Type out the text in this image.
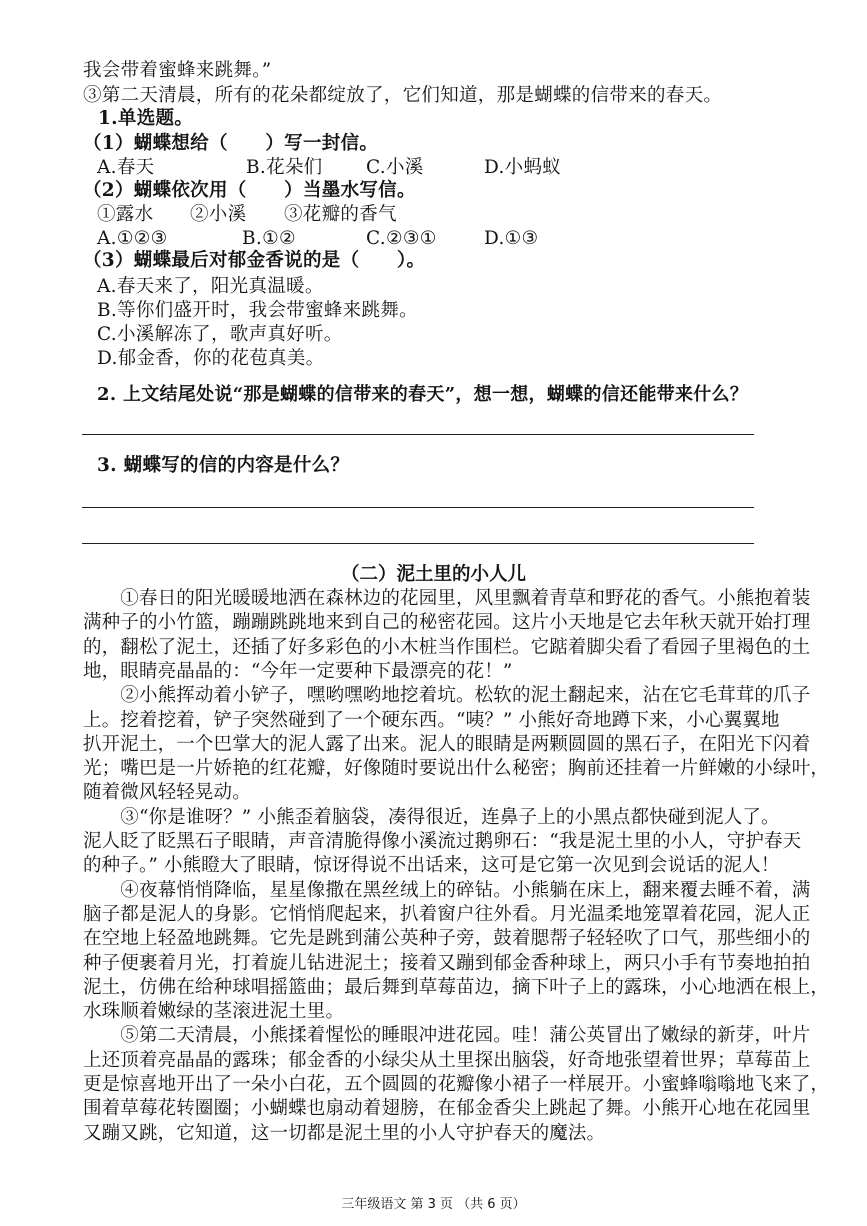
我会带着蜜蜂来跳舞。”
③第二天清晨，所有的花朵都绽放了，它们知道，那是蝴蝶的信带来的春天。
1.单选题。
（1）蝴蝶想给（　　）写一封信。
A.春天	B.花朵们	C.小溪	D.小蚂蚁
（2）蝴蝶依次用（　　）当墨水写信。
①露水	②小溪	③花瓣的香气
A.①②③	B.①②	C.②③①	D.①③
（3）蝴蝶最后对郁金香说的是（　　）。
A.春天来了，阳光真温暖。
B.等你们盛开时，我会带蜜蜂来跳舞。
C.小溪解冻了，歌声真好听。
D.郁金香，你的花苞真美。
2. 上文结尾处说“那是蝴蝶的信带来的春天”，想一想，蝴蝶的信还能带来什么？
3. 蝴蝶写的信的内容是什么？
（二）泥土里的小人儿
　　①春日的阳光暖暖地洒在森林边的花园里，风里飘着青草和野花的香气。小熊抱着装
满种子的小竹篮，蹦蹦跳跳地来到自己的秘密花园。这片小天地是它去年秋天就开始打理
的，翻松了泥土，还插了好多彩色的小木桩当作围栏。它踮着脚尖看了看园子里褐色的土
地，眼睛亮晶晶的：“今年一定要种下最漂亮的花！”
　　②小熊挥动着小铲子，嘿哟嘿哟地挖着坑。松软的泥土翻起来，沾在它毛茸茸的爪子
上。挖着挖着，铲子突然碰到了一个硬东西。“咦？” 小熊好奇地蹲下来，小心翼翼地
扒开泥土，一个巴掌大的泥人露了出来。泥人的眼睛是两颗圆圆的黑石子，在阳光下闪着
光；嘴巴是一片娇艳的红花瓣，好像随时要说出什么秘密；胸前还挂着一片鲜嫩的小绿叶，
随着微风轻轻晃动。
　　③“你是谁呀？” 小熊歪着脑袋，凑得很近，连鼻子上的小黑点都快碰到泥人了。
泥人眨了眨黑石子眼睛，声音清脆得像小溪流过鹅卵石：“我是泥土里的小人，守护春天
的种子。” 小熊瞪大了眼睛，惊讶得说不出话来，这可是它第一次见到会说话的泥人！
　　④夜幕悄悄降临，星星像撒在黑丝绒上的碎钻。小熊躺在床上，翻来覆去睡不着，满
脑子都是泥人的身影。它悄悄爬起来，扒着窗户往外看。月光温柔地笼罩着花园，泥人正
在空地上轻盈地跳舞。它先是跳到蒲公英种子旁，鼓着腮帮子轻轻吹了口气，那些细小的
种子便裹着月光，打着旋儿钻进泥土；接着又蹦到郁金香种球上，两只小手有节奏地拍拍
泥土，仿佛在给种球唱摇篮曲；最后舞到草莓苗边，摘下叶子上的露珠，小心地洒在根上，
水珠顺着嫩绿的茎滚进泥土里。
　　⑤第二天清晨，小熊揉着惺忪的睡眼冲进花园。哇！蒲公英冒出了嫩绿的新芽，叶片
上还顶着亮晶晶的露珠；郁金香的小绿尖从土里探出脑袋，好奇地张望着世界；草莓苗上
更是惊喜地开出了一朵小白花，五个圆圆的花瓣像小裙子一样展开。小蜜蜂嗡嗡地飞来了，
围着草莓花转圈圈；小蝴蝶也扇动着翅膀，在郁金香尖上跳起了舞。小熊开心地在花园里
又蹦又跳，它知道，这一切都是泥土里的小人守护春天的魔法。
三年级语文 第 3 页 （共 6 页）
